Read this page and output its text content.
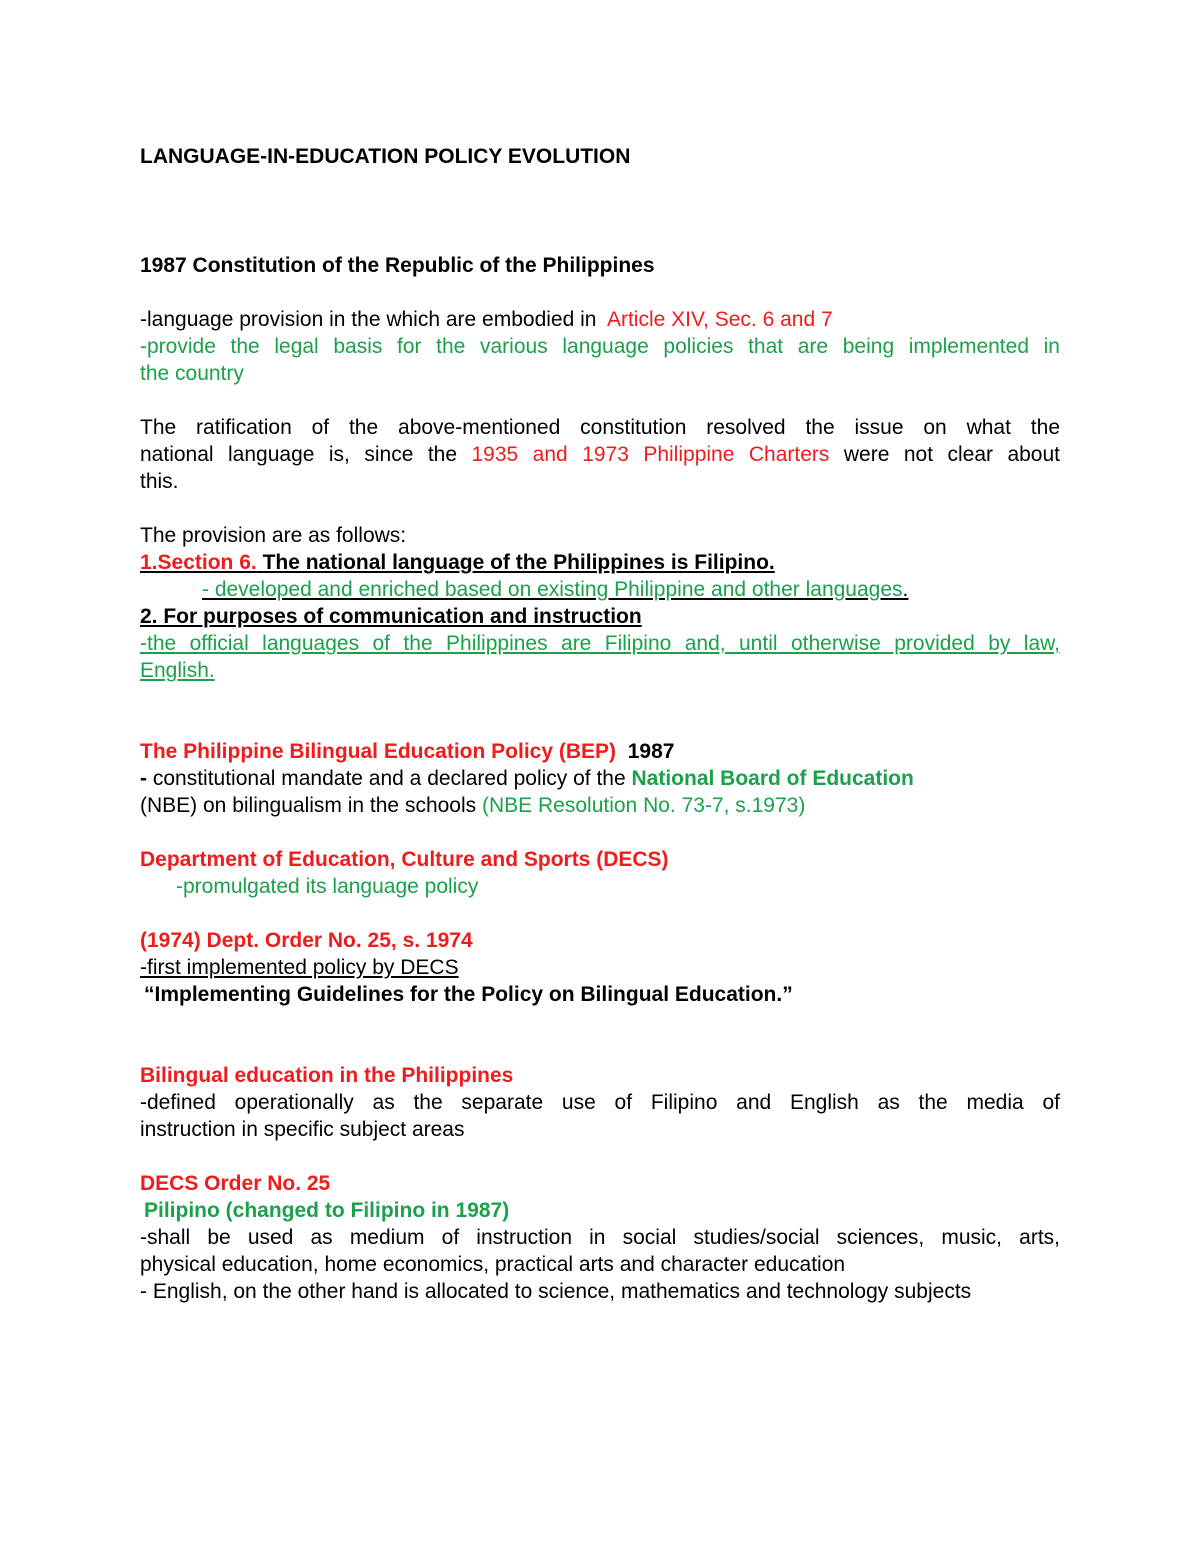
LANGUAGE-IN-EDUCATION POLICY EVOLUTION
1987 Constitution of the Republic of the Philippines
-language provision in the which are embodied in Article XIV, Sec. 6 and 7
-provide the legal basis for the various language policies that are being implemented in
the country
The ratification of the above-mentioned constitution resolved the issue on what the
national language is, since the 1935 and 1973 Philippine Charters were not clear about
this.
The provision are as follows:
1.Section 6. The national language of the Philippines is Filipino.
- developed and enriched based on existing Philippine and other languages.
2. For purposes of communication and instruction
-the official languages of the Philippines are Filipino and, until otherwise provided by law,
English.
The Philippine Bilingual Education Policy (BEP) 1987
- constitutional mandate and a declared policy of the National Board of Education
(NBE) on bilingualism in the schools (NBE Resolution No. 73-7, s.1973)
Department of Education, Culture and Sports (DECS)
-promulgated its language policy
(1974) Dept. Order No. 25, s. 1974
-first implemented policy by DECS
“Implementing Guidelines for the Policy on Bilingual Education.”
Bilingual education in the Philippines
-defined operationally as the separate use of Filipino and English as the media of
instruction in specific subject areas
DECS Order No. 25
Pilipino (changed to Filipino in 1987)
-shall be used as medium of instruction in social studies/social sciences, music, arts,
physical education, home economics, practical arts and character education
- English, on the other hand is allocated to science, mathematics and technology subjects
